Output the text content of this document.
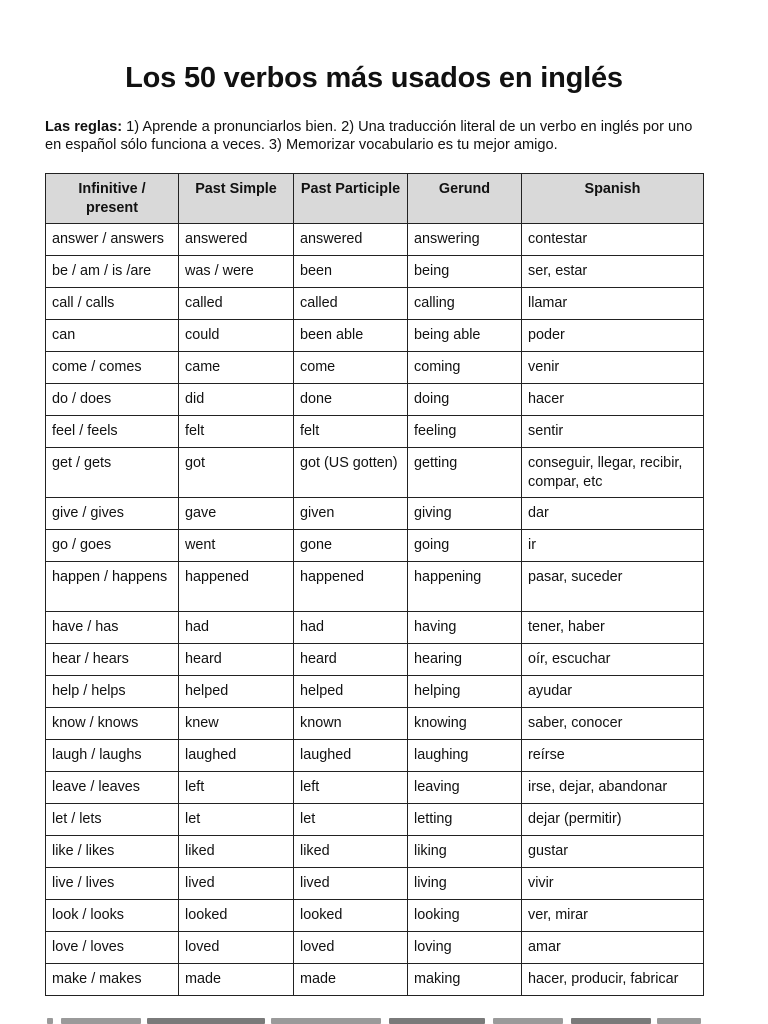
Los 50 verbos más usados en inglés

Las reglas: 1) Aprende a pronunciarlos bien. 2) Una traducción literal de un verbo en inglés por uno en español sólo funciona a veces. 3) Memorizar vocabulario es tu mejor amigo.

Infinitive / present	Past Simple	Past Participle	Gerund	Spanish
answer / answers	answered	answered	answering	contestar
be / am / is /are	was / were	been	being	ser, estar
call / calls	called	called	calling	llamar
can	could	been able	being able	poder
come / comes	came	come	coming	venir
do / does	did	done	doing	hacer
feel / feels	felt	felt	feeling	sentir
get / gets	got	got (US gotten)	getting	conseguir, llegar, recibir, compar, etc
give / gives	gave	given	giving	dar
go / goes	went	gone	going	ir
happen / happens	happened	happened	happening	pasar, suceder
have / has	had	had	having	tener, haber
hear / hears	heard	heard	hearing	oír, escuchar
help / helps	helped	helped	helping	ayudar
know / knows	knew	known	knowing	saber, conocer
laugh / laughs	laughed	laughed	laughing	reírse
leave / leaves	left	left	leaving	irse, dejar, abandonar
let / lets	let	let	letting	dejar (permitir)
like / likes	liked	liked	liking	gustar
live / lives	lived	lived	living	vivir
look / looks	looked	looked	looking	ver, mirar
love / loves	loved	loved	loving	amar
make / makes	made	made	making	hacer, producir, fabricar
